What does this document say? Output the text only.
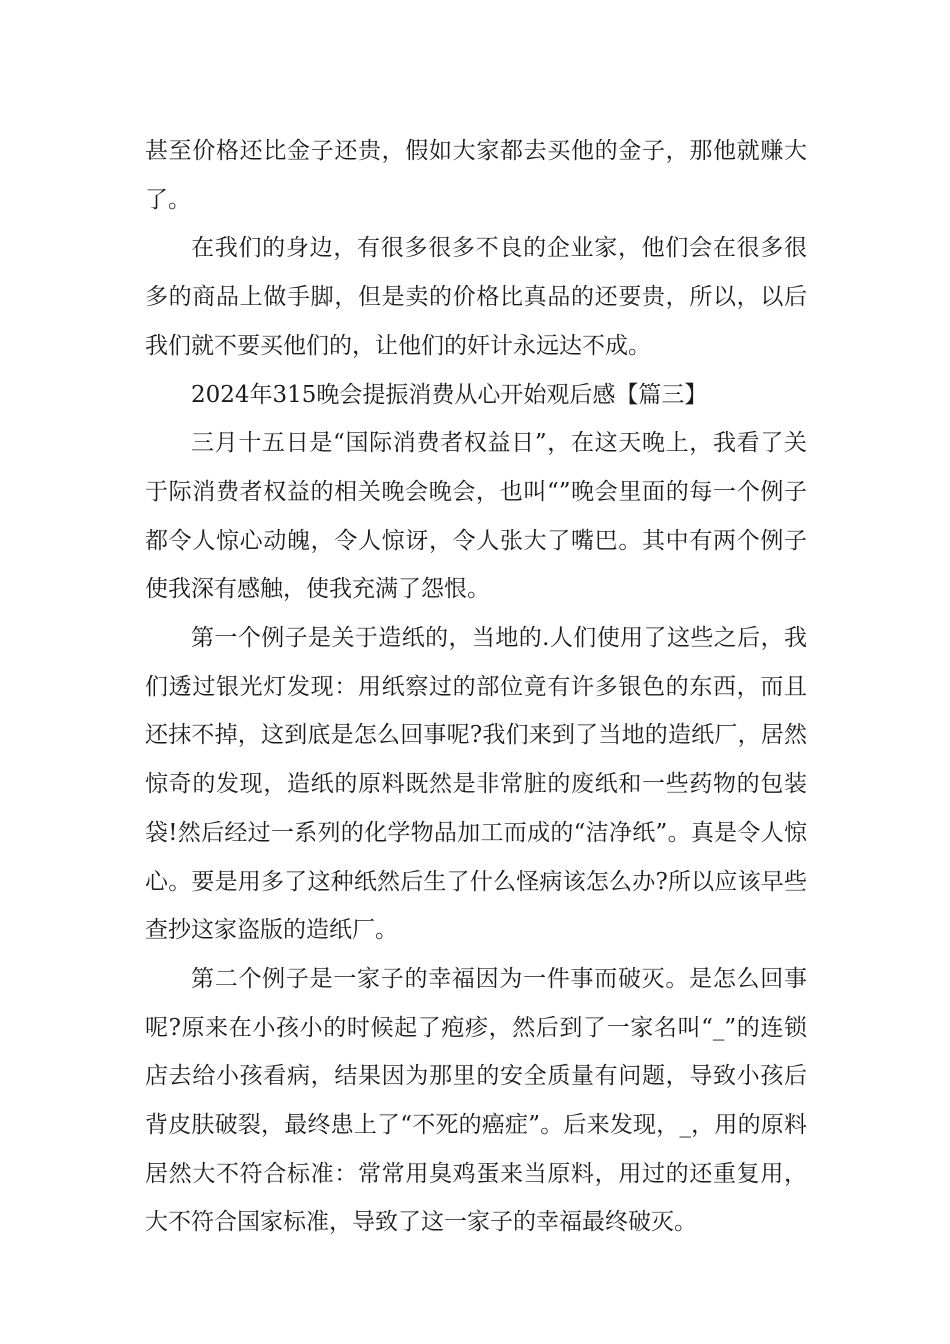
甚至价格还比金子还贵，假如大家都去买他的金子，那他就赚大了。

在我们的身边，有很多很多不良的企业家，他们会在很多很多的商品上做手脚，但是卖的价格比真品的还要贵，所以，以后我们就不要买他们的，让他们的奸计永远达不成。

2024年315晚会提振消费从心开始观后感【篇三】

三月十五日是“国际消费者权益日”，在这天晚上，我看了关于际消费者权益的相关晚会晚会，也叫“”晚会里面的每一个例子都令人惊心动魄，令人惊讶，令人张大了嘴巴。其中有两个例子使我深有感触，使我充满了怨恨。

第一个例子是关于造纸的，当地的.人们使用了这些之后，我们透过银光灯发现：用纸察过的部位竟有许多银色的东西，而且还抹不掉，这到底是怎么回事呢?我们来到了当地的造纸厂，居然惊奇的发现，造纸的原料既然是非常脏的废纸和一些药物的包装袋!然后经过一系列的化学物品加工而成的“洁净纸”。真是令人惊心。要是用多了这种纸然后生了什么怪病该怎么办?所以应该早些查抄这家盗版的造纸厂。

第二个例子是一家子的幸福因为一件事而破灭。是怎么回事呢?原来在小孩小的时候起了疱疹，然后到了一家名叫“_”的连锁店去给小孩看病，结果因为那里的安全质量有问题，导致小孩后背皮肤破裂，最终患上了“不死的癌症”。后来发现，_，用的原料居然大不符合标准：常常用臭鸡蛋来当原料，用过的还重复用，大不符合国家标准，导致了这一家子的幸福最终破灭。
